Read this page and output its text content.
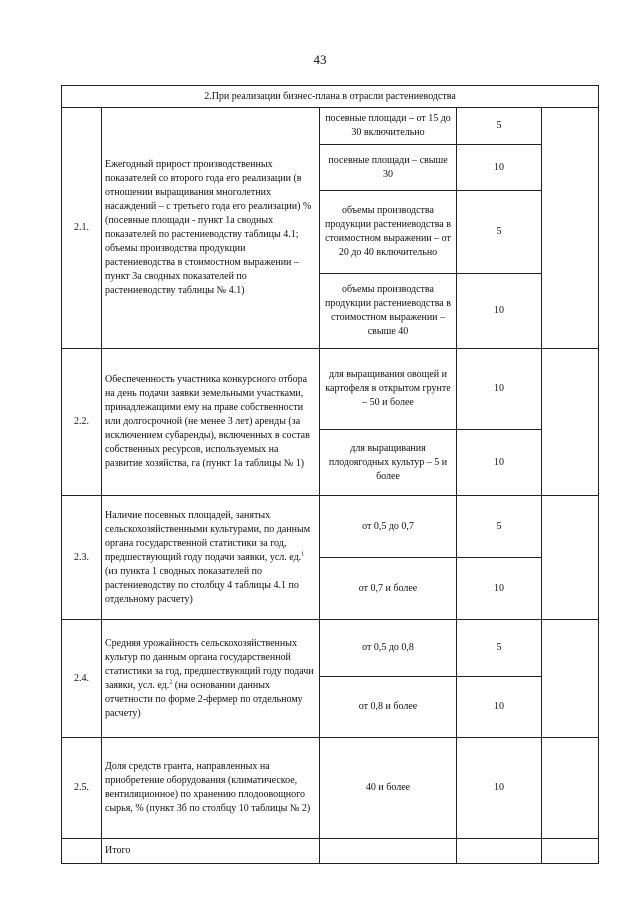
43
2.При реализации бизнес-плана в отрасли растениеводства				
2.1.	Ежегодный прирост производственных показателей со второго года его реализации (в отношении выращивания многолетних насаждений – с третьего года его реализации) % (посевные площади - пункт 1а сводных показателей по растениеводству таблицы 4.1; объемы производства продукции растениеводства в стоимостном выражении – пункт 3а сводных показателей по растениеводству таблицы № 4.1)	посевные площади – от 15 до 30 включительно	5	
		посевные площади – свыше 30	10	
		объемы производства продукции растениеводства в стоимостном выражении – от 20 до 40 включительно	5	
		объемы производства продукции растениеводства в стоимостном выражении – свыше 40	10	
2.2.	Обеспеченность участника конкурсного отбора на день подачи заявки земельными участками, принадлежащими ему на праве собственности или долгосрочной (не менее 3 лет) аренды (за исключением субаренды), включенных в состав собственных ресурсов, используемых на развитие хозяйства, га (пункт 1а таблицы № 1)	для выращивания овощей и картофеля в открытом грунте – 50 и более	10	
		для выращивания плодоягодных культур – 5 и более	10	
2.3.	Наличие посевных площадей, занятых сельскохозяйственными культурами, по данным органа государственной статистики за год, предшествующий году подачи заявки, усл. ед.$^1$ (из пункта 1 сводных показателей по растениеводству по столбцу 4 таблицы 4.1 по отдельному расчету)	от 0,5 до 0,7	5	
		от 0,7 и более	10	
2.4.	Средняя урожайность сельскохозяйственных культур по данным органа государственной статистики за год, предшествующий году подачи заявки, усл. ед.$^2$ (на основании данных отчетности по форме 2-фермер по отдельному расчету)	от 0,5 до 0,8	5	
		от 0,8 и более	10	
2.5.	Доля средств гранта, направленных на приобретение оборудования (климатическое, вентиляционное) по хранению плодоовощного сырья, % (пункт 3б по столбцу 10 таблицы № 2)	40 и более	10	
	Итого			
